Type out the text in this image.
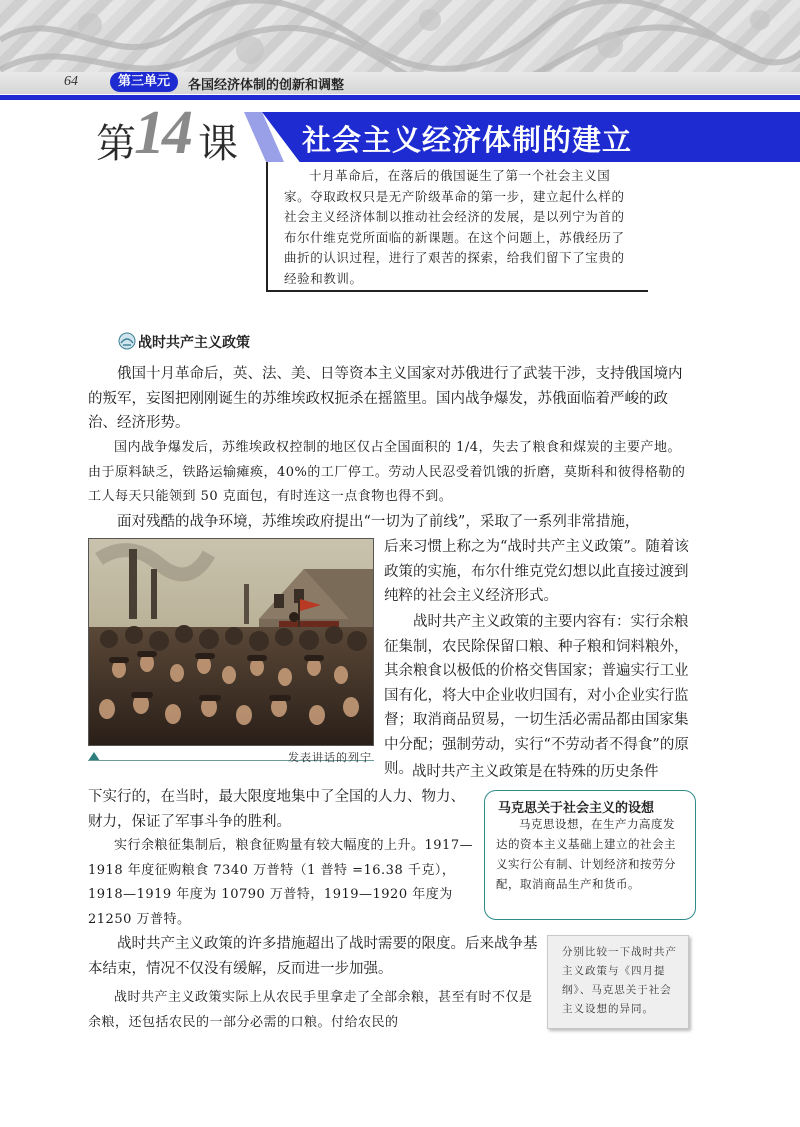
64	第三单元	各国经济体制的创新和调整
第
14 课 社会主义经济体制的建立
十月革命后，在落后的俄国诞生了第一个社会主义国家。夺取政权只是无产阶级革命的第一步，建立起什么样的社会主义经济体制以推动社会经济的发展，是以列宁为首的布尔什维克党所面临的新课题。在这个问题上，苏俄经历了曲折的认识过程，进行了艰苦的探索，给我们留下了宝贵的经验和教训。
战时共产主义政策
俄国十月革命后，英、法、美、日等资本主义国家对苏俄进行了武装干涉，支持俄国境内的叛军，妄图把刚刚诞生的苏维埃政权扼杀在摇篮里。国内战争爆发，苏俄面临着严峻的政治、经济形势。
国内战争爆发后，苏维埃政权控制的地区仅占全国面积的 1/4，失去了粮食和煤炭的主要产地。由于原料缺乏，铁路运输瘫痪，40%的工厂停工。劳动人民忍受着饥饿的折磨，莫斯科和彼得格勒的工人每天只能领到 50 克面包，有时连这一点食物也得不到。
面对残酷的战争环境，苏维埃政府提出“一切为了前线”，采取了一系列非常措施，
后来习惯上称之为“战时共产主义政策”。随着该政策的实施，布尔什维克党幻想以此直接过渡到纯粹的社会主义经济形式。
战时共产主义政策的主要内容有：实行余粮征集制，农民除保留口粮、种子粮和饲料粮外，其余粮食以极低的价格交售国家；普遍实行工业国有化，将大中企业收归国有，对小企业实行监督；取消商品贸易，一切生活必需品都由国家集中分配；强制劳动，实行“不劳动者不得食”的原则。 战时共产主义政策是在特殊的历史条件
下实行的，在当时，最大限度地集中了全国的人力、物力、财力，保证了军事斗争的胜利。
实行余粮征集制后，粮食征购量有较大幅度的上升。1917—1918 年度征购粮食 7340 万普特（1 普特 =16.38 千克），1918—1919 年度为 10790 万普特，1919—1920 年度为 21250 万普特。
战时共产主义政策的许多措施超出了战时需要的限度。后来战争基本结束，情况不仅没有缓解，反而进一步加强。
战时共产主义政策实际上从农民手里拿走了全部余粮，甚至有时不仅是余粮，还包括农民的一部分必需的口粮。付给农民的
发表讲话的列宁
马克思关于社会主义的设想
马克思设想，在生产力高度发达的资本主义基础上建立的社会主义实行公有制、计划经济和按劳分配，取消商品生产和货币。
分别比较一下战时共产主义政策与《四月提纲》、马克思关于社会主义设想的异同。
